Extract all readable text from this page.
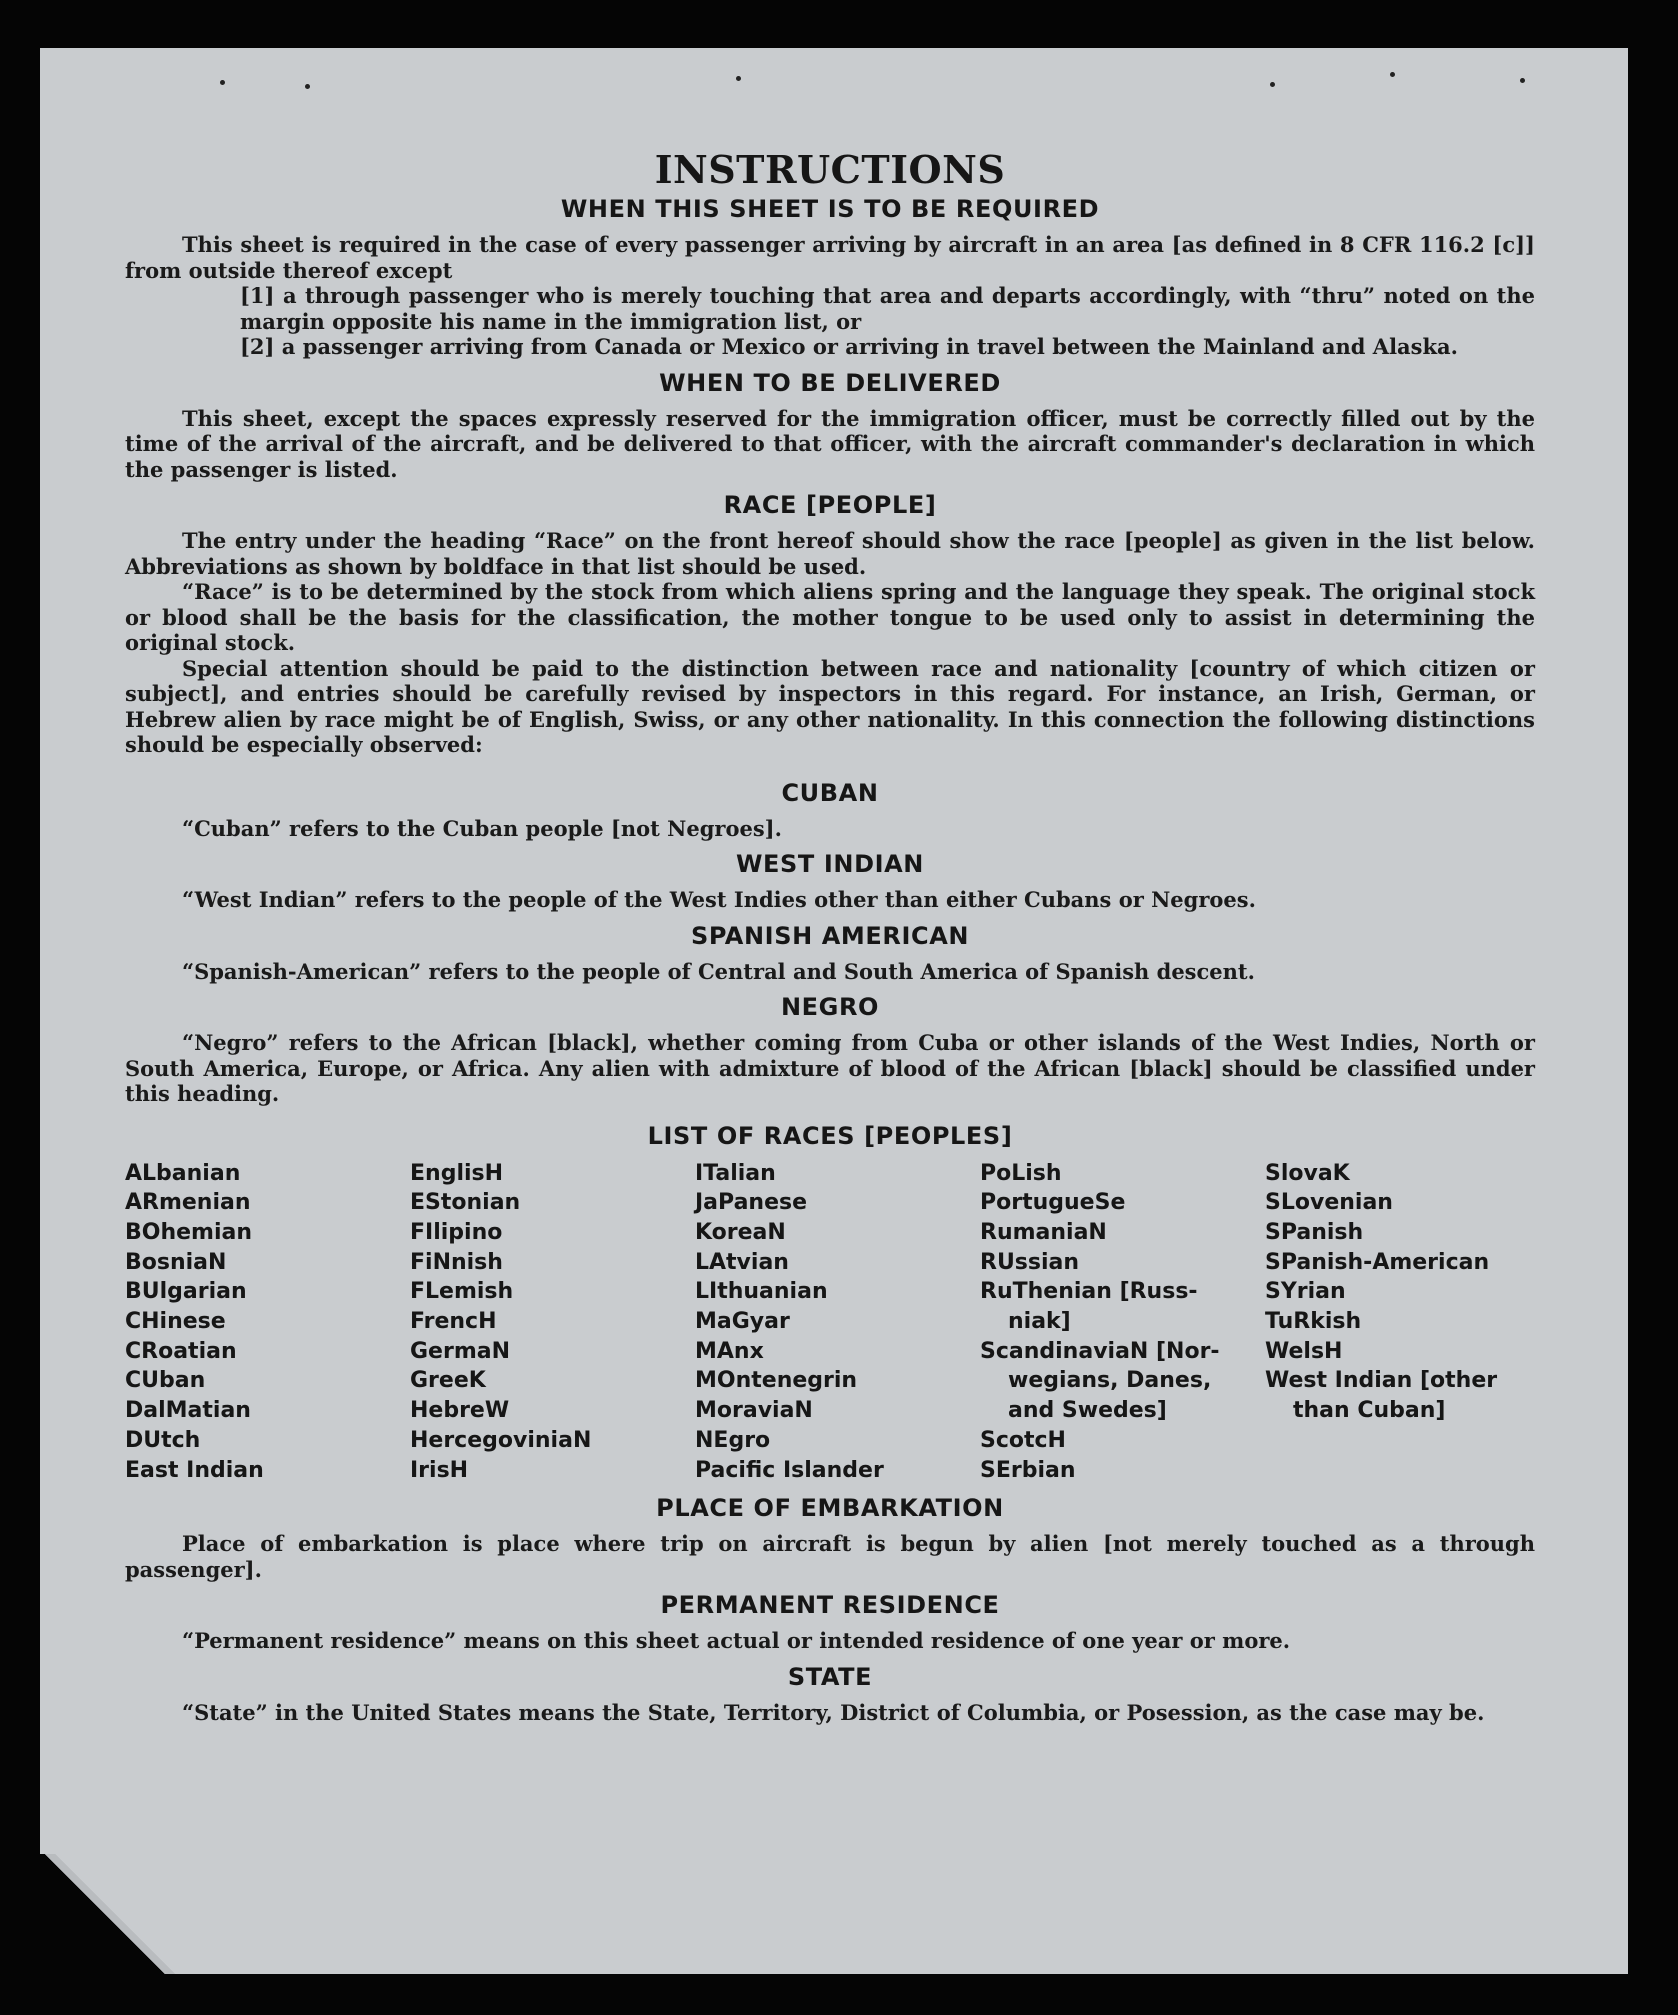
INSTRUCTIONS
WHEN THIS SHEET IS TO BE REQUIRED

This sheet is required in the case of every passenger arriving by aircraft in an area [as defined in 8 CFR 116.2 [c]] from outside thereof except

[1] a through passenger who is merely touching that area and departs accordingly, with “thru” noted on the margin opposite his name in the immigration list, or

[2] a passenger arriving from Canada or Mexico or arriving in travel between the Mainland and Alaska.

WHEN TO BE DELIVERED

This sheet, except the spaces expressly reserved for the immigration officer, must be correctly filled out by the time of the arrival of the aircraft, and be delivered to that officer, with the aircraft commander's declaration in which the passenger is listed.

RACE [PEOPLE]

The entry under the heading “Race” on the front hereof should show the race [people] as given in the list below. Abbreviations as shown by boldface in that list should be used.

“Race” is to be determined by the stock from which aliens spring and the language they speak. The original stock or blood shall be the basis for the classification, the mother tongue to be used only to assist in determining the original stock.

Special attention should be paid to the distinction between race and nationality [country of which citizen or subject], and entries should be carefully revised by inspectors in this regard. For instance, an Irish, German, or Hebrew alien by race might be of English, Swiss, or any other nationality. In this connection the following distinctions should be especially observed:

CUBAN

“Cuban” refers to the Cuban people [not Negroes].

WEST INDIAN

“West Indian” refers to the people of the West Indies other than either Cubans or Negroes.

SPANISH AMERICAN

“Spanish-American” refers to the people of Central and South America of Spanish descent.

NEGRO

“Negro” refers to the African [black], whether coming from Cuba or other islands of the West Indies, North or South America, Europe, or Africa. Any alien with admixture of blood of the African [black] should be classified under this heading.

LIST OF RACES [PEOPLES]
ALbanian
ARmenian
BOhemian
BosniaN
BUlgarian
CHinese
CRoatian
CUban
DalMatian
DUtch
East Indian
EnglisH
EStonian
FIlipino
FiNnish
FLemish
FrencH
GermaN
GreeK
HebreW
HercegoviniaN
IrisH
ITalian
JaPanese
KoreaN
LAtvian
LIthuanian
MaGyar
MAnx
MOntenegrin
MoraviaN
NEgro
Pacific Islander
PoLish
PortugueSe
RumaniaN
RUssian
RuThenian [Russ-
niak]
ScandinaviaN [Nor-
wegians, Danes,
and Swedes]
ScotcH
SErbian
SlovaK
SLovenian
SPanish
SPanish-American
SYrian
TuRkish
WelsH
West Indian [other
than Cuban]
PLACE OF EMBARKATION

Place of embarkation is place where trip on aircraft is begun by alien [not merely touched as a through passenger].

PERMANENT RESIDENCE

“Permanent residence” means on this sheet actual or intended residence of one year or more.

STATE

“State” in the United States means the State, Territory, District of Columbia, or Posession, as the case may be.
